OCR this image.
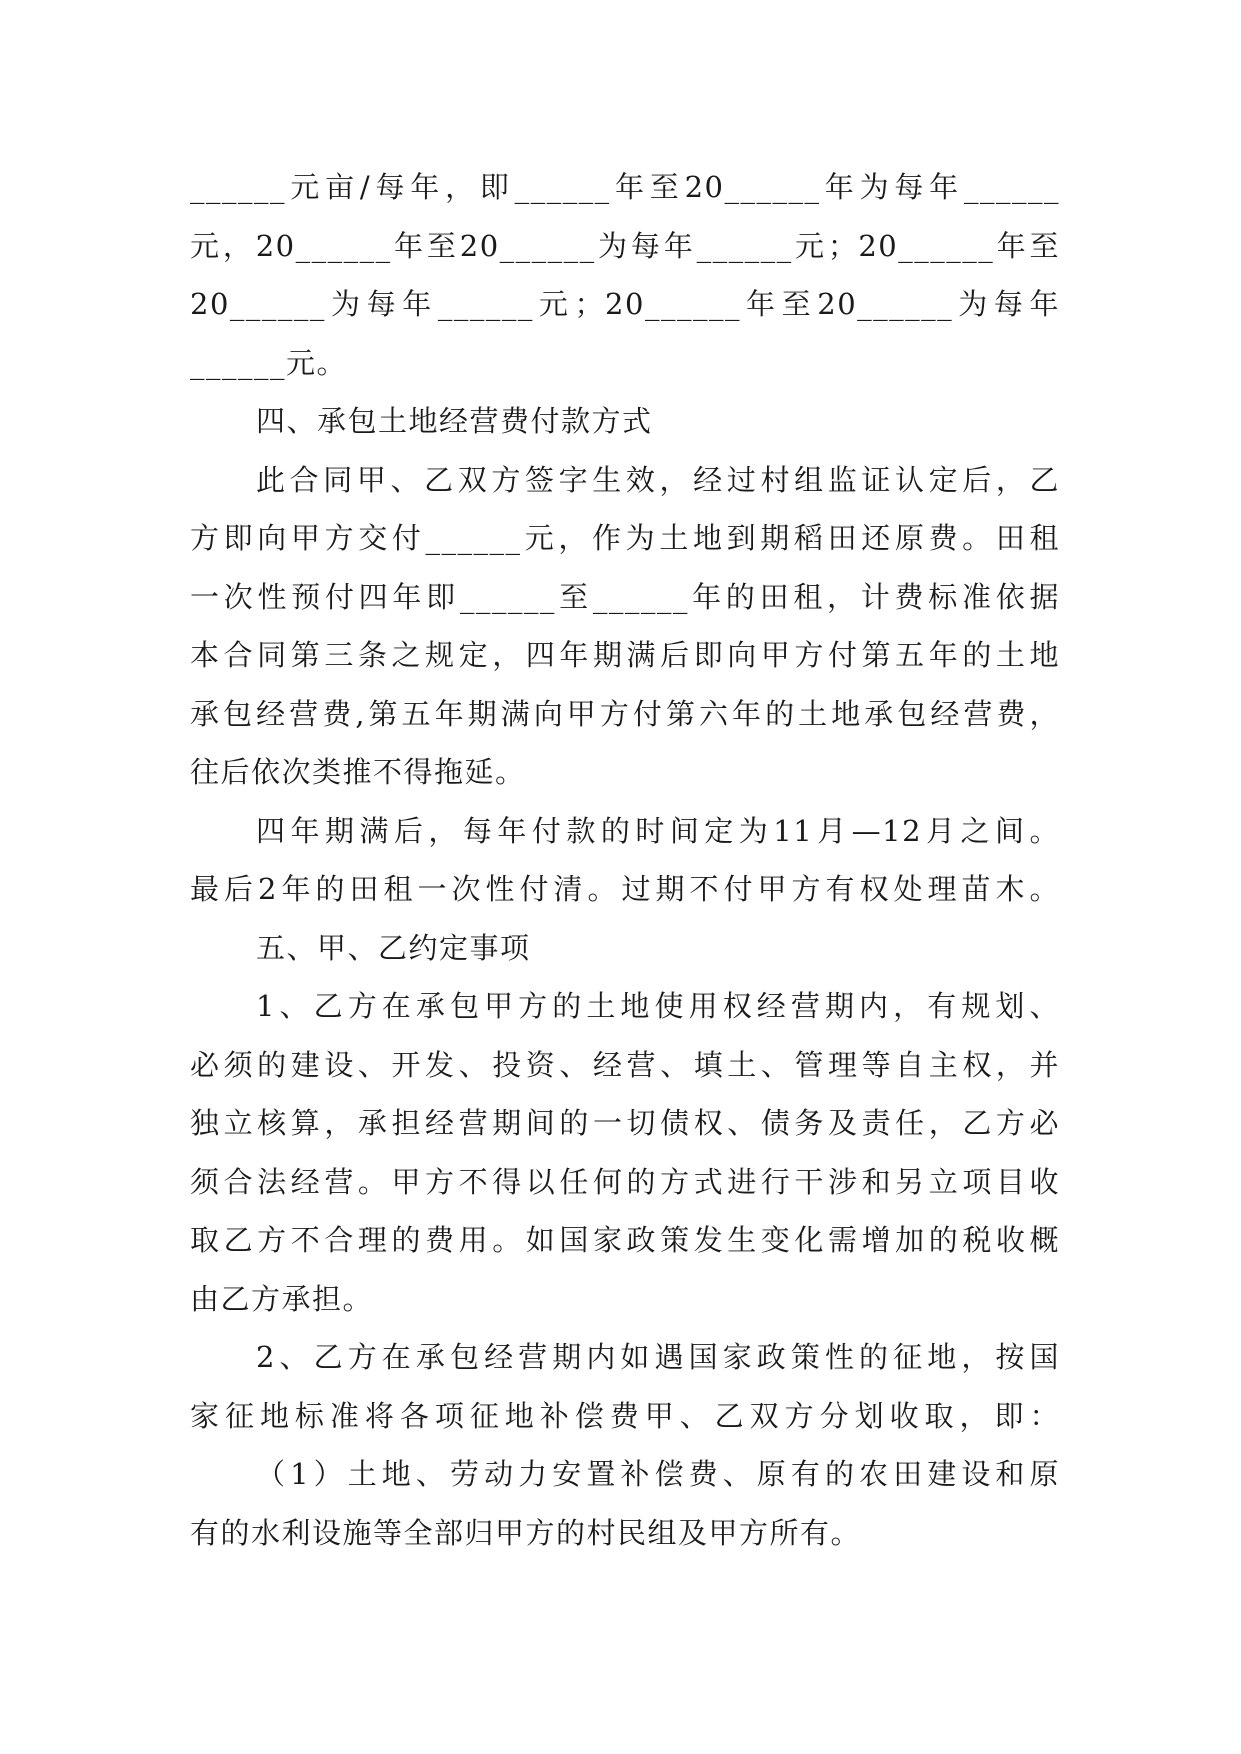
______元亩/每年，即______年至20______年为每年______
元，20______年至20______为每年______元；20______年至
20______为每年______元；20______年至20______为每年
______元。
四、承包土地经营费付款方式
此合同甲、乙双方签字生效，经过村组监证认定后，乙
方即向甲方交付______元，作为土地到期稻田还原费。田租
一次性预付四年即______至______年的田租，计费标准依据
本合同第三条之规定，四年期满后即向甲方付第五年的土地
承包经营费,第五年期满向甲方付第六年的土地承包经营费，
往后依次类推不得拖延。
四年期满后，每年付款的时间定为11月—12月之间。
最后2年的田租一次性付清。过期不付甲方有权处理苗木。
五、甲、乙约定事项
1、乙方在承包甲方的土地使用权经营期内，有规划、
必须的建设、开发、投资、经营、填土、管理等自主权，并
独立核算，承担经营期间的一切债权、债务及责任，乙方必
须合法经营。甲方不得以任何的方式进行干涉和另立项目收
取乙方不合理的费用。如国家政策发生变化需增加的税收概
由乙方承担。
2、乙方在承包经营期内如遇国家政策性的征地，按国
家征地标准将各项征地补偿费甲、乙双方分划收取，即：
（1）土地、劳动力安置补偿费、原有的农田建设和原
有的水利设施等全部归甲方的村民组及甲方所有。
